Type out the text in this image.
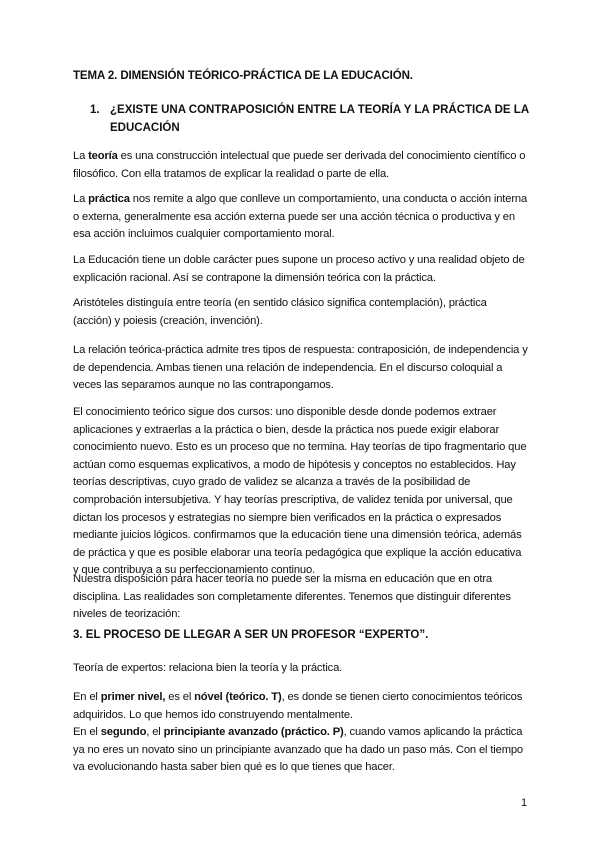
TEMA 2. DIMENSIÓN TEÓRICO-PRÁCTICA DE LA EDUCACIÓN.
1. ¿EXISTE UNA CONTRAPOSICIÓN ENTRE LA TEORÍA Y LA PRÁCTICA DE LA EDUCACIÓN

La teoría es una construcción intelectual que puede ser derivada del conocimiento científico o filosófico. Con ella tratamos de explicar la realidad o parte de ella.

La práctica nos remite a algo que conlleve un comportamiento, una conducta o acción interna o externa, generalmente esa acción externa puede ser una acción técnica o productiva y en esa acción incluimos cualquier comportamiento moral.

La Educación tiene un doble carácter pues supone un proceso activo y una realidad objeto de explicación racional. Así se contrapone la dimensión teórica con la práctica.

Aristóteles distinguía entre teoría (en sentido clásico significa contemplación), práctica (acción) y poiesis (creación, invención).

La relación teórica-práctica admite tres tipos de respuesta: contraposición, de independencia y de dependencia. Ambas tienen una relación de independencia. En el discurso coloquial a veces las separamos aunque no las contrapongamos.

El conocimiento teórico sigue dos cursos: uno disponible desde donde podemos extraer aplicaciones y extraerlas a la práctica o bien, desde la práctica nos puede exigir elaborar conocimiento nuevo. Esto es un proceso que no termina. Hay teorías de tipo fragmentario que actúan como esquemas explicativos, a modo de hipótesis y conceptos no establecidos. Hay teorías descriptivas, cuyo grado de validez se alcanza a través de la posibilidad de comprobación intersubjetiva. Y hay teorías prescriptiva, de validez tenida por universal, que dictan los procesos y estrategias no siempre bien verificados en la práctica o expresados mediante juicios lógicos. confirmamos que la educación tiene una dimensión teórica, además de práctica y que es posible elaborar una teoría pedagógica que explique la acción educativa y que contribuya a su perfeccionamiento continuo.

Nuestra disposición para hacer teoría no puede ser la misma en educación que en otra disciplina. Las realidades son completamente diferentes. Tenemos que distinguir diferentes niveles de teorización:

3. EL PROCESO DE LLEGAR A SER UN PROFESOR “EXPERTO”.

Teoría de expertos: relaciona bien la teoría y la práctica.

En el primer nivel, es el nóvel (teórico. T), es donde se tienen cierto conocimientos teóricos adquiridos. Lo que hemos ido construyendo mentalmente.
En el segundo, el principiante avanzado (práctico. P), cuando vamos aplicando la práctica ya no eres un novato sino un principiante avanzado que ha dado un paso más. Con el tiempo va evolucionando hasta saber bien qué es lo que tienes que hacer.

1
